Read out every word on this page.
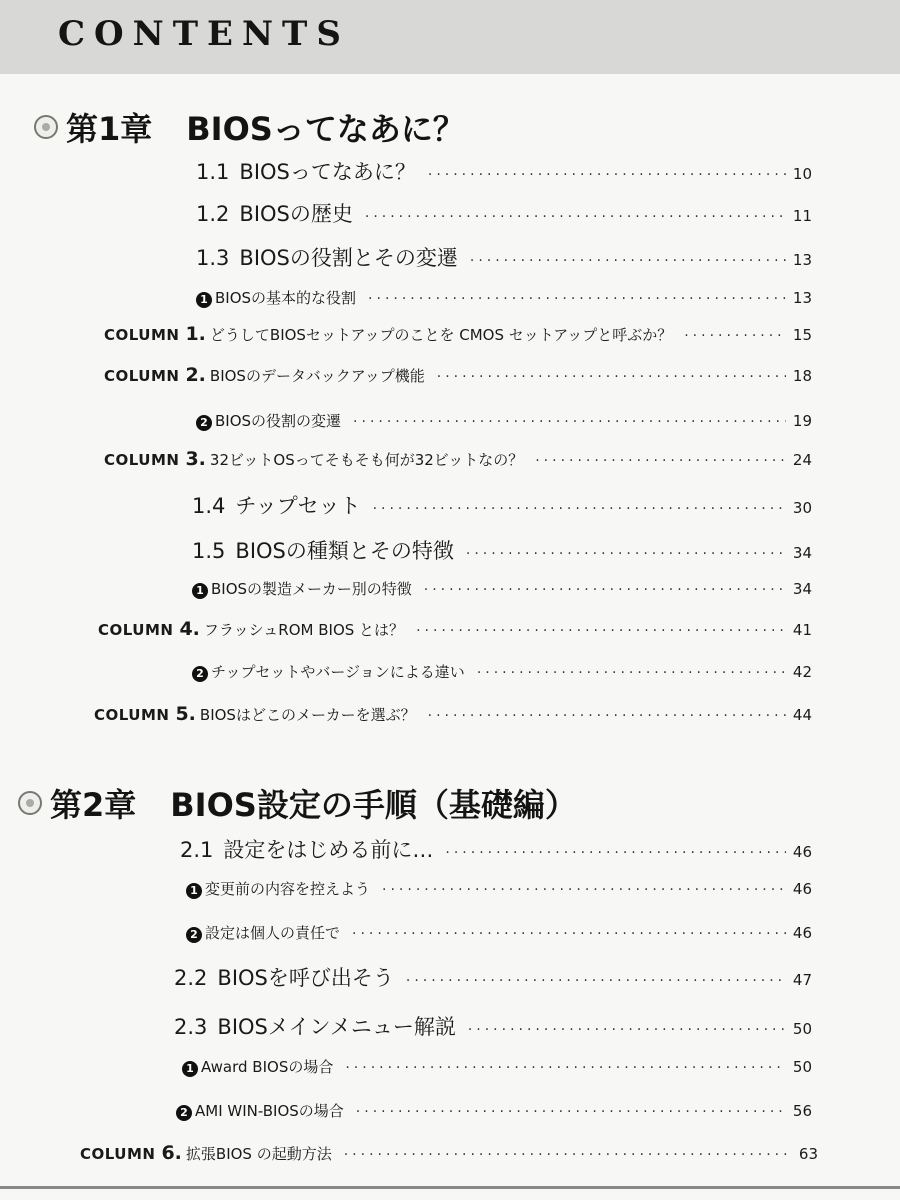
CONTENTS
第1章 BIOSってなあに？
1.1 BIOSってなあに？ ·····	10
1.2 BIOSの歴史 ·····	11
1.3 BIOSの役割とその変遷 ·····	13
1 BIOSの基本的な役割 ·····	13
COLUMN 1. どうしてBIOSセットアップのことを CMOS セットアップと呼ぶか？ ·····	15
COLUMN 2. BIOSのデータバックアップ機能 ·····	18
2 BIOSの役割の変遷 ·····	19
COLUMN 3. 32ビットOSってそもそも何が32ビットなの？ ·····	24
1.4 チップセット ·····	30
1.5 BIOSの種類とその特徴 ·····	34
1 BIOSの製造メーカー別の特徴 ·····	34
COLUMN 4. フラッシュROM BIOS とは？ ·····	41
2 チップセットやバージョンによる違い ·····	42
COLUMN 5. BIOSはどこのメーカーを選ぶ？ ·····	44
第2章 BIOS設定の手順（基礎編）
2.1 設定をはじめる前に… ·····	46
1 変更前の内容を控えよう ·····	46
2 設定は個人の責任で ·····	46
2.2 BIOSを呼び出そう ·····	47
2.3 BIOSメインメニュー解説 ·····	50
1 Award BIOSの場合 ·····	50
2 AMI WIN-BIOSの場合 ·····	56
COLUMN 6. 拡張BIOS の起動方法 ·····	63
